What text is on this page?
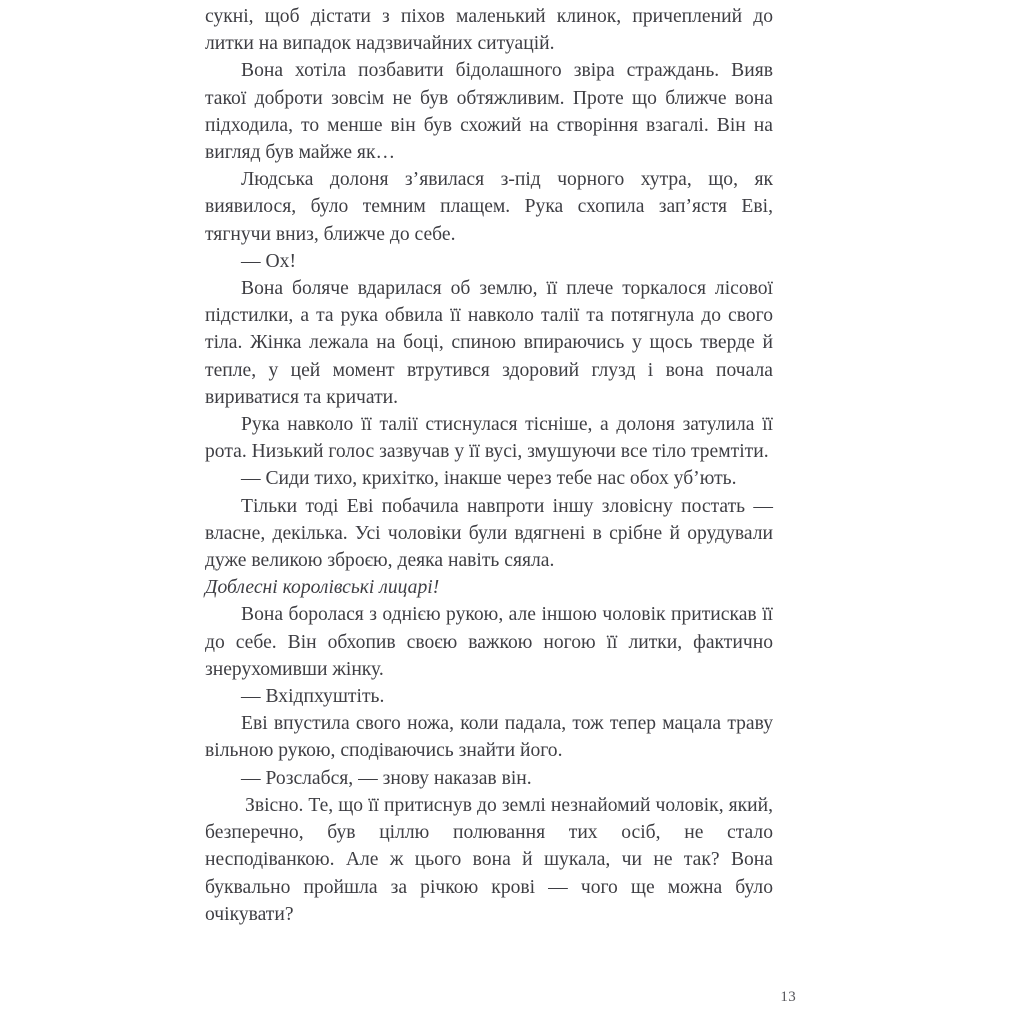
сукні, щоб дістати з піхов маленький клинок, причеплений до литки на випадок надзвичайних ситуацій.

Вона хотіла позбавити бідолашного звіра страждань. Вияв такої доброти зовсім не був обтяжливим. Проте що ближче вона підходила, то менше він був схожий на створіння взагалі. Він на вигляд був майже як…

Людська долоня з’явилася з-під чорного хутра, що, як виявилося, було темним плащем. Рука схопила зап’ястя Еві, тягнучи вниз, ближче до себе.

— Ох!

Вона боляче вдарилася об землю, її плече торкалося лісової підстилки, а та рука обвила її навколо талії та потягнула до свого тіла. Жінка лежала на боці, спиною впираючись у щось тверде й тепле, у цей момент втрутився здоровий глузд і вона почала вириватися та кричати.

Рука навколо її талії стиснулася тісніше, а долоня затулила її рота. Низький голос зазвучав у її вусі, змушуючи все тіло тремтіти.

— Сиди тихо, крихітко, інакше через тебе нас обох уб’ють.

Тільки тоді Еві побачила навпроти іншу зловісну постать — власне, декілька. Усі чоловіки були вдягнені в срібне й орудували дуже великою зброєю, деяка навіть сяяла.

Доблесні королівські лицарі!

Вона боролася з однією рукою, але іншою чоловік притискав її до себе. Він обхопив своєю важкою ногою її литки, фактично знерухомивши жінку.

— Вхідпхуштіть.

Еві впустила свого ножа, коли падала, тож тепер мацала траву вільною рукою, сподіваючись знайти його.

— Розслабся, — знову наказав він.

Звісно. Те, що її притиснув до землі незнайомий чоловік, який, безперечно, був ціллю полювання тих осіб, не стало несподіванкою. Але ж цього вона й шукала, чи не так? Вона буквально пройшла за річкою крові — чого ще можна було очікувати?

13
